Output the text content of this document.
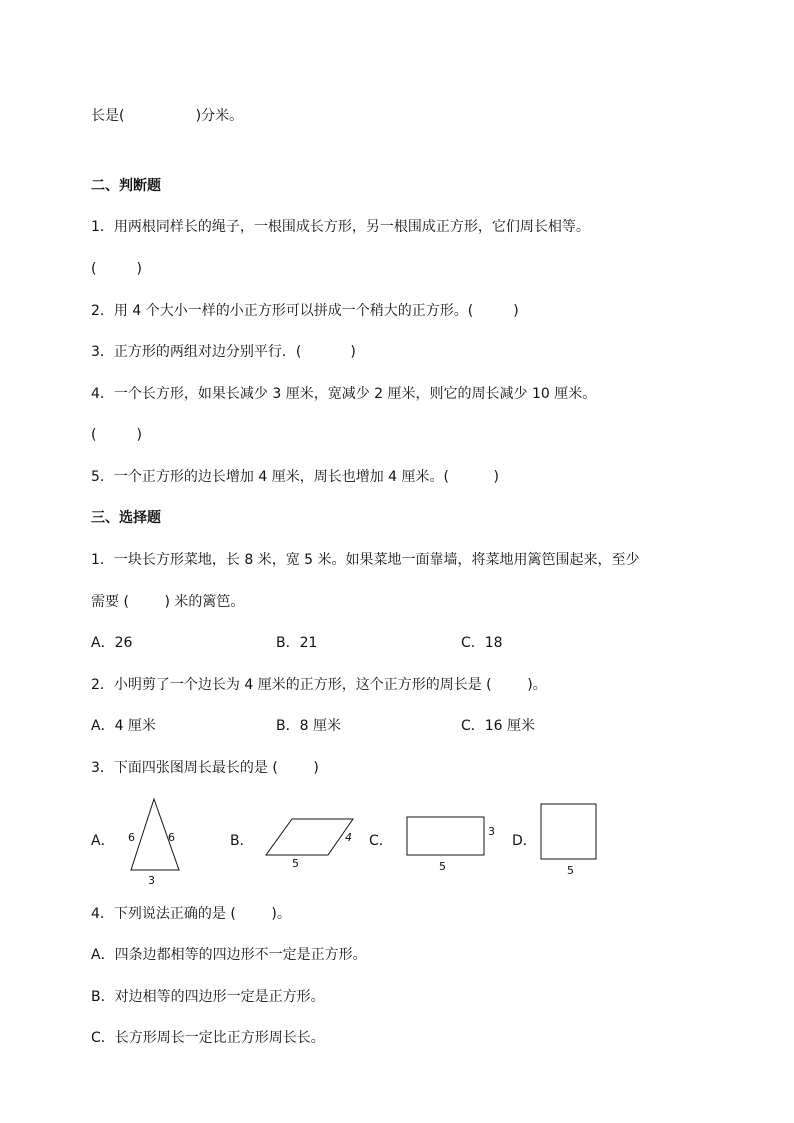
长是(                )分米。
二、判断题
1．用两根同样长的绳子，一根围成长方形，另一根围成正方形，它们周长相等。
(         )
2．用 4 个大小一样的小正方形可以拼成一个稍大的正方形。(         )
3．正方形的两组对边分别平行．(           )
4．一个长方形，如果长减少 3 厘米，宽减少 2 厘米，则它的周长减少 10 厘米。
(         )
5．一个正方形的边长增加 4 厘米，周长也增加 4 厘米。(          )
三、选择题
1．一块长方形菜地，长 8 米，宽 5 米。如果菜地一面靠墙，将菜地用篱笆围起来，至少
需要 (        ) 米的篱笆。
A．26	B．21	C．18
2．小明剪了一个边长为 4 厘米的正方形，这个正方形的周长是 (        )。
A．4 厘米	B．8 厘米	C．16 厘米
3．下面四张图周长最长的是 (        )
A．	B．	C．	D．
6	6
3
4
5
3
5	5
4．下列说法正确的是 (        )。
A．四条边都相等的四边形不一定是正方形。
B．对边相等的四边形一定是正方形。
C．长方形周长一定比正方形周长长。
